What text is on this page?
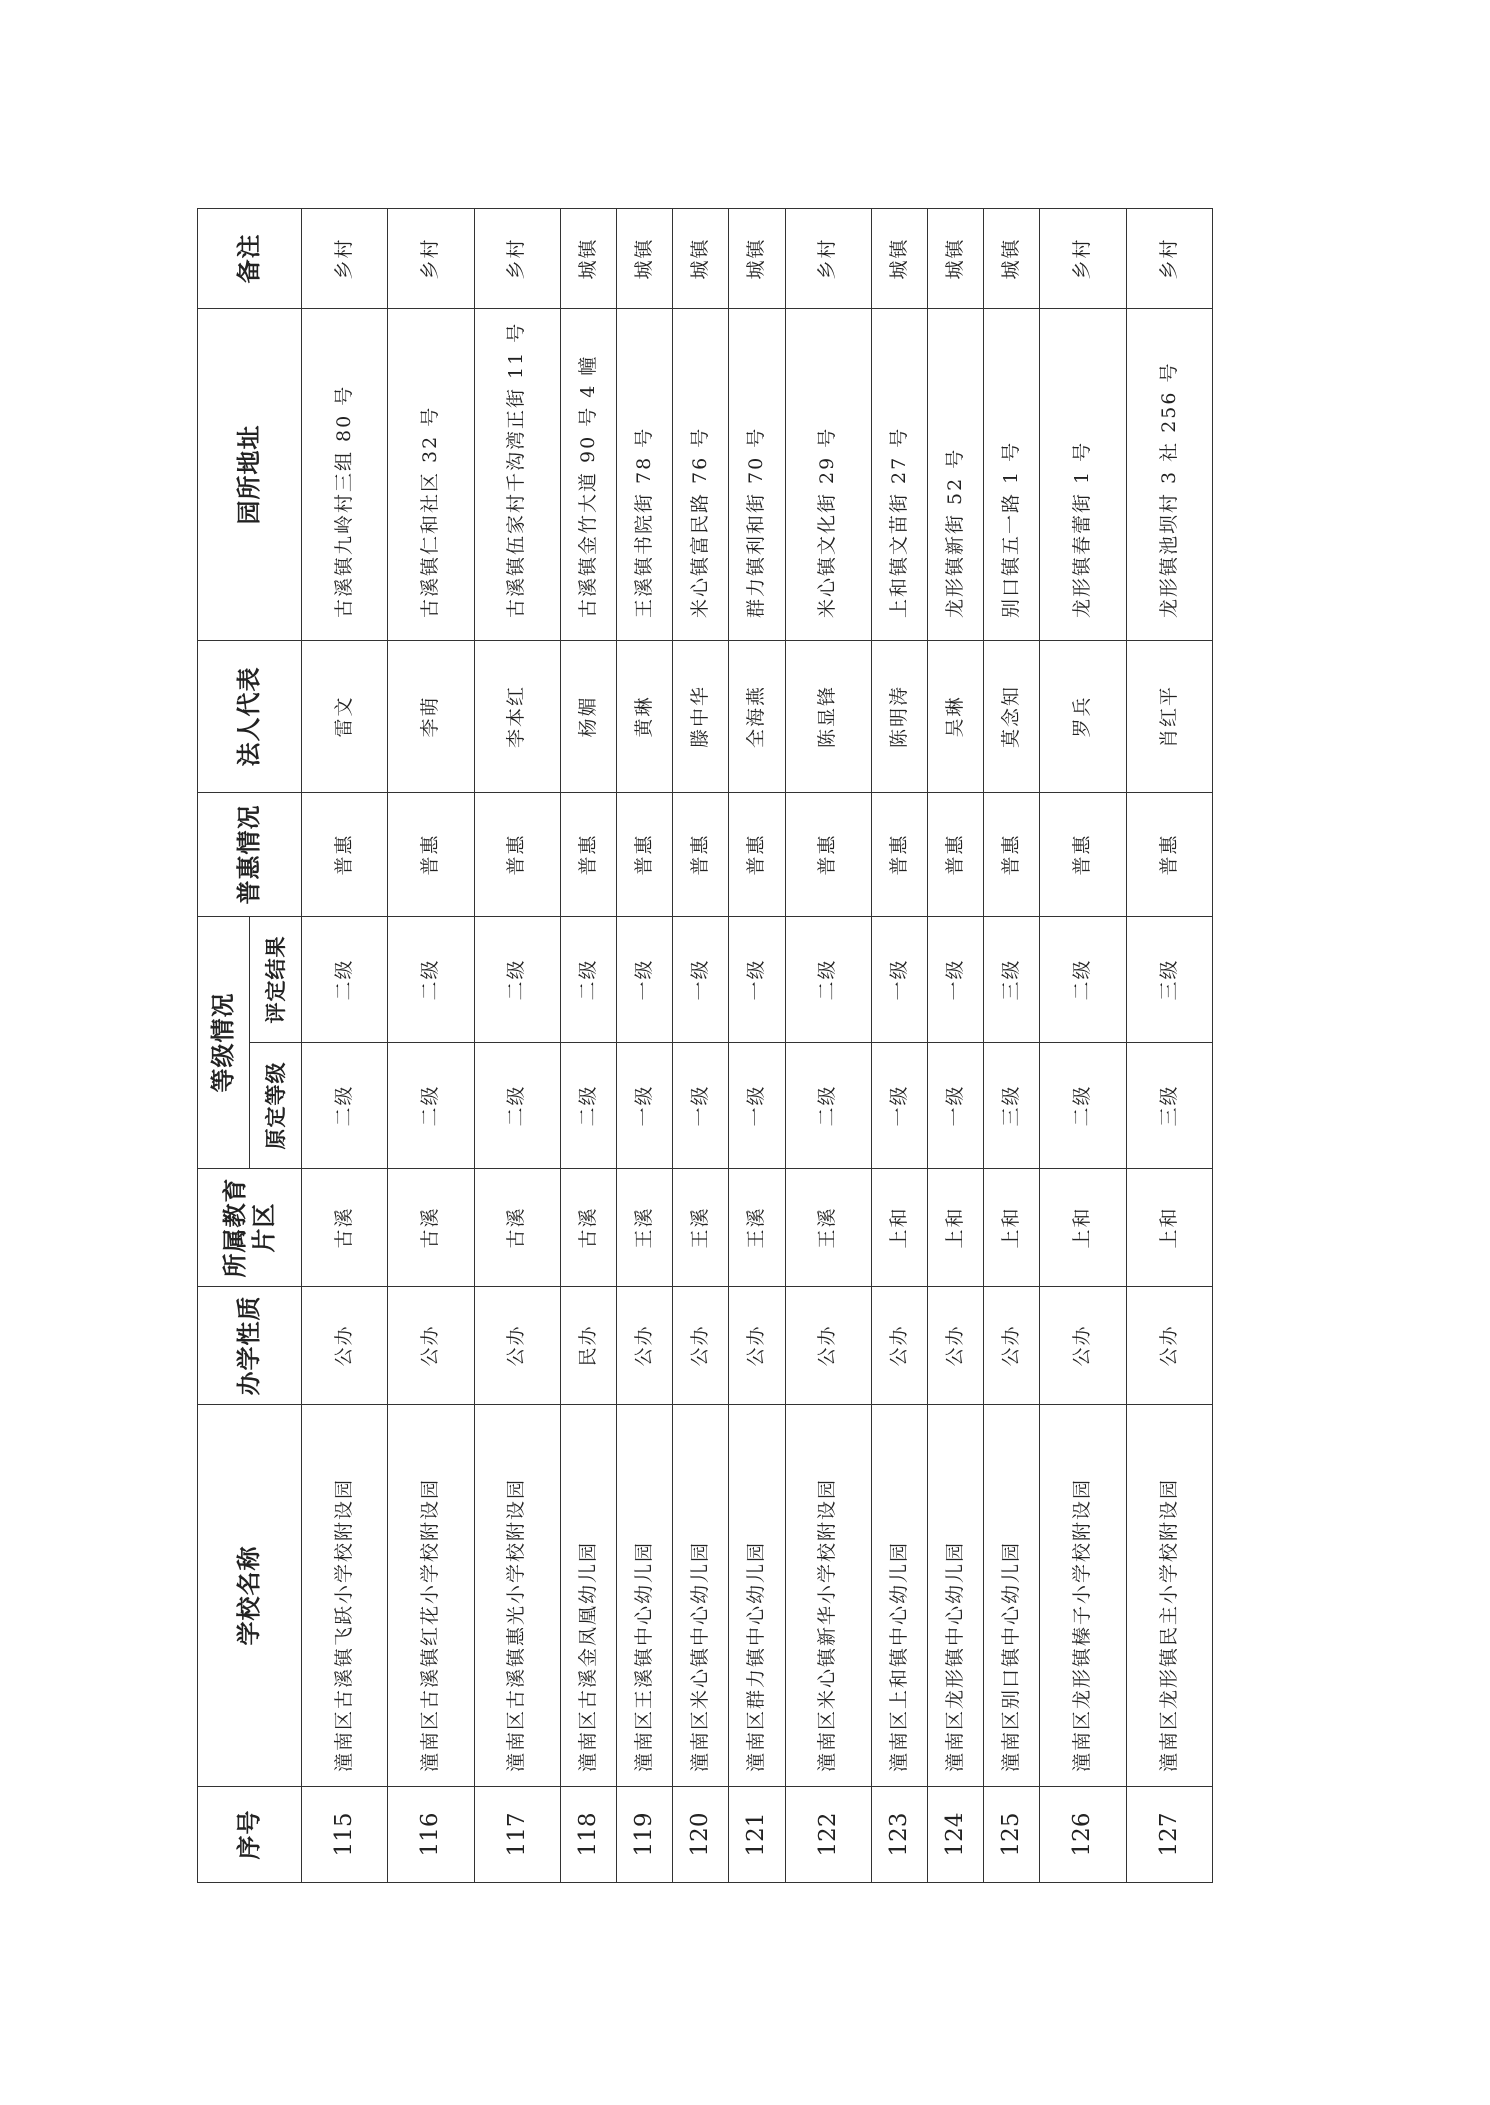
序号	学校名称	办学性质	所属教育片区	等级情况		普惠情况	法人代表	园所地址	备注
				原定等级	评定结果				
115	潼南区古溪镇飞跃小学校附设园	公办	古溪	二级	二级	普惠	雷文	古溪镇九岭村三组 80 号	乡村
116	潼南区古溪镇红花小学校附设园	公办	古溪	二级	二级	普惠	李萌	古溪镇仁和社区 32 号	乡村
117	潼南区古溪镇惠光小学校附设园	公办	古溪	二级	二级	普惠	李本红	古溪镇伍家村千沟湾正街 11 号	乡村
118	潼南区古溪金凤凰幼儿园	民办	古溪	二级	二级	普惠	杨媚	古溪镇金竹大道 90 号 4 幢	城镇
119	潼南区王溪镇中心幼儿园	公办	王溪	一级	一级	普惠	黄琳	王溪镇书院街 78 号	城镇
120	潼南区米心镇中心幼儿园	公办	王溪	一级	一级	普惠	滕中华	米心镇富民路 76 号	城镇
121	潼南区群力镇中心幼儿园	公办	王溪	一级	一级	普惠	全海燕	群力镇利和街 70 号	城镇
122	潼南区米心镇新华小学校附设园	公办	王溪	二级	二级	普惠	陈显锋	米心镇文化街 29 号	乡村
123	潼南区上和镇中心幼儿园	公办	上和	一级	一级	普惠	陈明涛	上和镇文苗街 27 号	城镇
124	潼南区龙形镇中心幼儿园	公办	上和	一级	一级	普惠	吴琳	龙形镇新街 52 号	城镇
125	潼南区别口镇中心幼儿园	公办	上和	三级	三级	普惠	莫念知	别口镇五一路 1 号	城镇
126	潼南区龙形镇榛子小学校附设园	公办	上和	二级	二级	普惠	罗兵	龙形镇春蕾街 1 号	乡村
127	潼南区龙形镇民主小学校附设园	公办	上和	三级	三级	普惠	肖红平	龙形镇池坝村 3 社 256 号	乡村
